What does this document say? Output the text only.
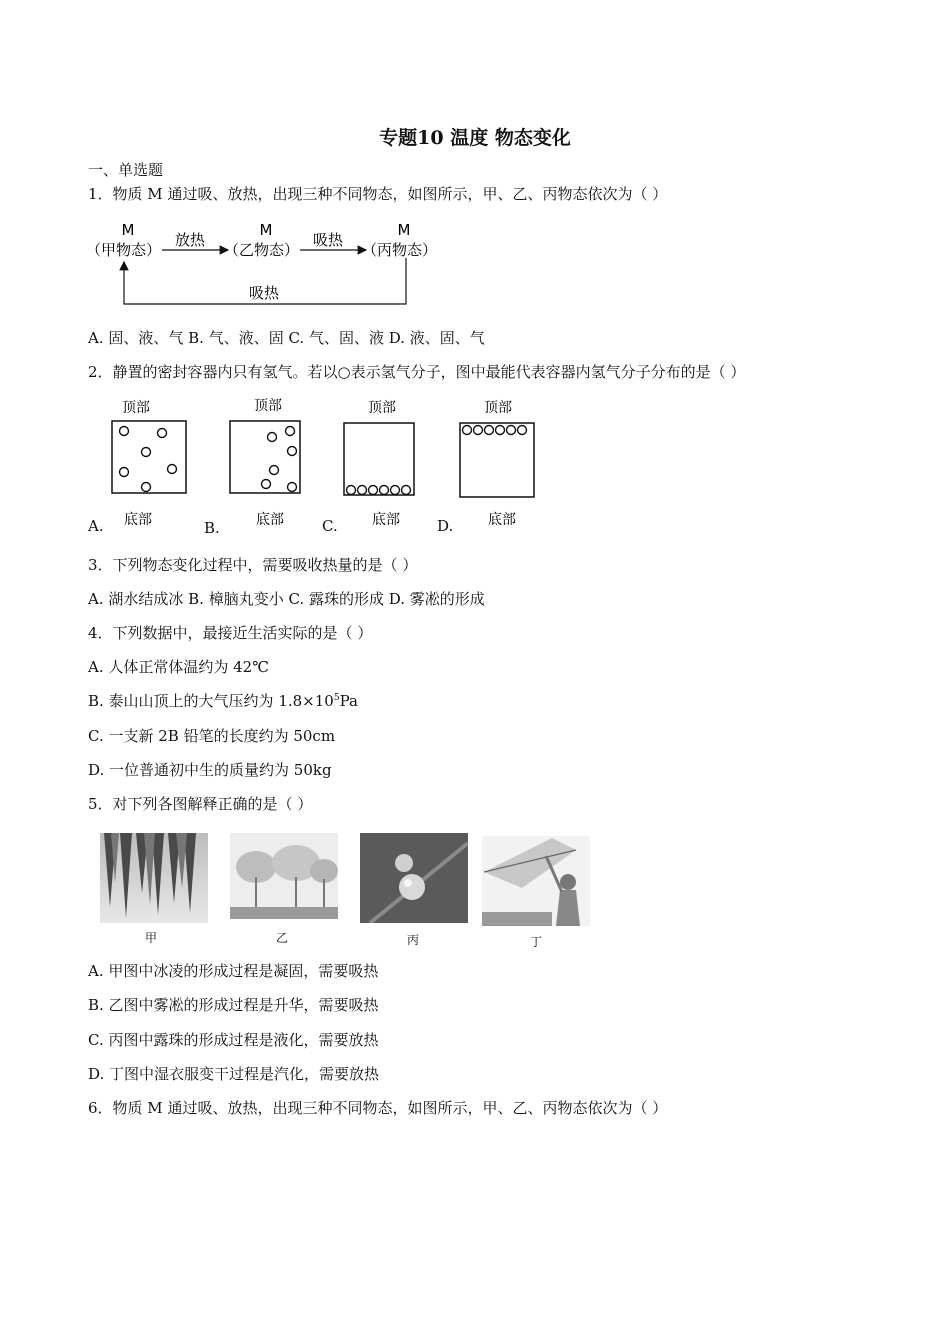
专题10 温度 物态变化
一、单选题
1．物质 M 通过吸、放热，出现三种不同物态，如图所示，甲、乙、丙物态依次为（ ）
M	M	M
（甲物态）	（乙物态）	（丙物态）
放热	吸热
吸热
A. 固、液、气 B. 气、液、固 C. 气、固、液 D. 液、固、气
2．静置的密封容器内只有氢气。若以○表示氢气分子，图中最能代表容器内氢气分子分布的是（ ）
顶部
底部
A.
顶部
底部
B.
顶部
底部
C.
顶部
底部
D.
3．下列物态变化过程中，需要吸收热量的是（ ）
A. 湖水结成冰 B. 樟脑丸变小 C. 露珠的形成 D. 雾凇的形成
4．下列数据中，最接近生活实际的是（ ）
A. 人体正常体温约为 42℃
B. 泰山山顶上的大气压约为 $1.8\times 10^5Pa$
C. 一支新 2B 铅笔的长度约为 50cm
D. 一位普通初中生的质量约为 50kg
5．对下列各图解释正确的是（ ）
甲	乙	丙	丁
A. 甲图中冰凌的形成过程是凝固，需要吸热
B. 乙图中雾凇的形成过程是升华，需要吸热
C. 丙图中露珠的形成过程是液化，需要放热
D. 丁图中湿衣服变干过程是汽化，需要放热
6．物质 M 通过吸、放热，出现三种不同物态，如图所示，甲、乙、丙物态依次为（ ）
